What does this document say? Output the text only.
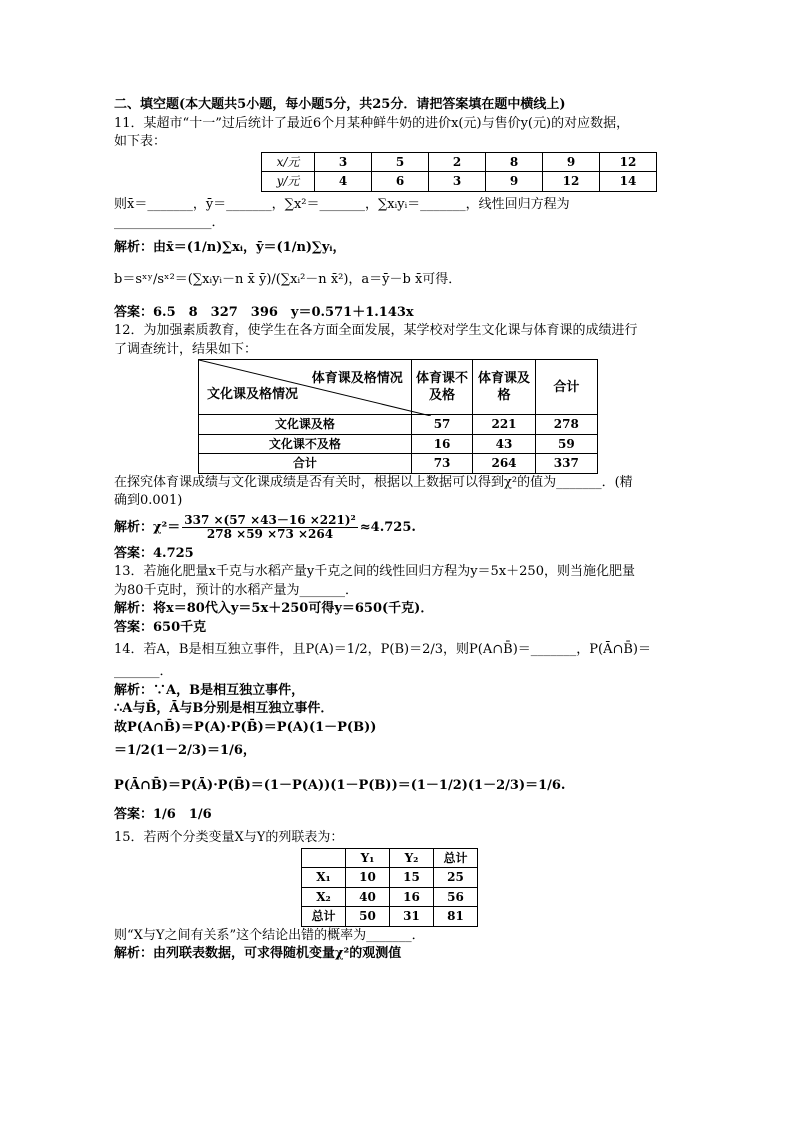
二、填空题(本大题共5小题，每小题5分，共25分．请把答案填在题中横线上)
11．某超市“十一”过后统计了最近6个月某种鲜牛奶的进价x(元)与售价y(元)的对应数据，
如下表：
x/元	3	5	2	8	9	12
y/元	4	6	3	9	12	14
则x̄＝_______，ȳ＝_______，∑x²＝_______，∑xᵢyᵢ＝_______，线性回归方程为
_______________．
解析：由x̄＝(1/n)∑xᵢ，ȳ＝(1/n)∑yᵢ，
b＝sˣʸ/sˣ²＝(∑xᵢyᵢ－n x̄ ȳ)/(∑xᵢ²－n x̄²)，a＝ȳ－b x̄可得．
答案：6.5　8　327　396　y＝0.571＋1.143x
12．为加强素质教育，使学生在各方面全面发展，某学校对学生文化课与体育课的成绩进行
了调查统计，结果如下：
体育课及格情况
文化课及格情况	体育课不及格	体育课及格	合计
文化课及格	57	221	278
文化课不及格	16	43	59
合计	73	264	337
在探究体育课成绩与文化课成绩是否有关时，根据以上数据可以得到χ²的值为_______．(精
确到0.001)
解析：$\chi^2= \frac{\text{337 ×(57 ×43－16 ×221)²}}{278 \times 59 \times 73 \times 264} \approx 4.725$.
答案：4.725
13．若施化肥量x千克与水稻产量y千克之间的线性回归方程为y＝5x＋250，则当施化肥量
为80千克时，预计的水稻产量为_______．
解析：将x＝80代入y＝5x＋250可得y＝650(千克)．
答案：650千克
14．若A，B是相互独立事件，且P(A)＝1/2，P(B)＝2/3，则P(A∩B̄)＝_______，P(Ā∩B̄)＝
_______．
解析：∵A，B是相互独立事件，
∴A与B̄，Ā与B分别是相互独立事件．
故P(A∩B̄)＝P(A)·P(B̄)＝P(A)(1－P(B))
＝1/2(1－2/3)＝1/6，
P(Ā∩B̄)＝P(Ā)·P(B̄)＝(1－P(A))(1－P(B))＝(1－1/2)(1－2/3)＝1/6.
答案：1/6　1/6
15．若两个分类变量X与Y的列联表为：
	Y₁	Y₂	总计
X₁	10	15	25
X₂	40	16	56
总计	50	31	81
则“X与Y之间有关系”这个结论出错的概率为_______．
解析：由列联表数据，可求得随机变量χ²的观测值
